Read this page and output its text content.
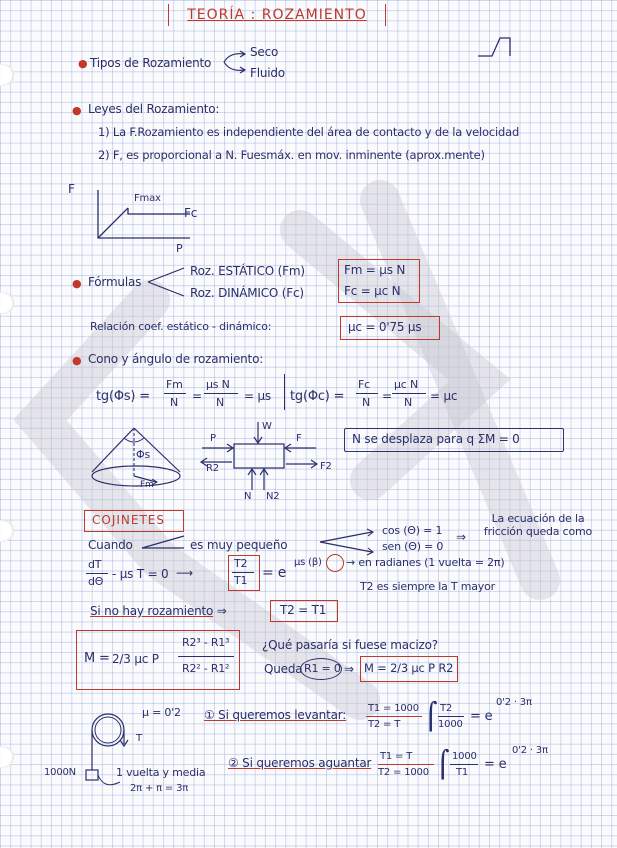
TEORÍA : ROZAMIENTO
● Tipos de Rozamiento
Seco
Fluido
● Leyes del Rozamiento:
1) La F.Rozamiento es independiente del área de contacto y de la velocidad
2) F, es proporcional a N. Fuesmáx. en mov. inminente (aprox.mente)
F
Fmax
Fc
P
● Fórmulas
Roz. ESTÁTICO (Fm)
Roz. DINÁMICO (Fc)
Fm = μs N
Fc = μc N
Relación coef. estático - dinámico:	μc = 0'75 μs
● Cono y ángulo de rozamiento:
tg(Φs) =
Fm
N =
μs N
N = μs tg(Φc) =
Fc
N =
μc N
N = μc
Φs
Fm
W
P	F
R2	F2
N N2
N se desplaza para q ΣM = 0
COJINETES
Cuando	es muy pequeño
cos (Θ) = 1
sen (Θ) = 0
⇒
La ecuación de la fricción queda como
dT
dΘ
- μs T = 0 ⟶
T2
T1 = e
μs (β) → en radianes (1 vuelta = 2π)
T2 es siempre la T mayor
Si no hay rozamiento ⇒	T2 = T1
M = 2/3 μc P
R2³ - R1³
R2² - R1²
¿Qué pasaría si fuese macizo?
Queda R1 = 0 ⇒ M = 2/3 μc P R2
μ = 0'2
T
1000N	1 vuelta y media
2π + π = 3π
① Si queremos levantar: T1 = 1000
T2 = T ⌠ T2
1000
= e
0'2 · 3π
② Si queremos aguantar T1 = T
T2 = 1000 ⌠ 1000
T1
= e
0'2 · 3π
